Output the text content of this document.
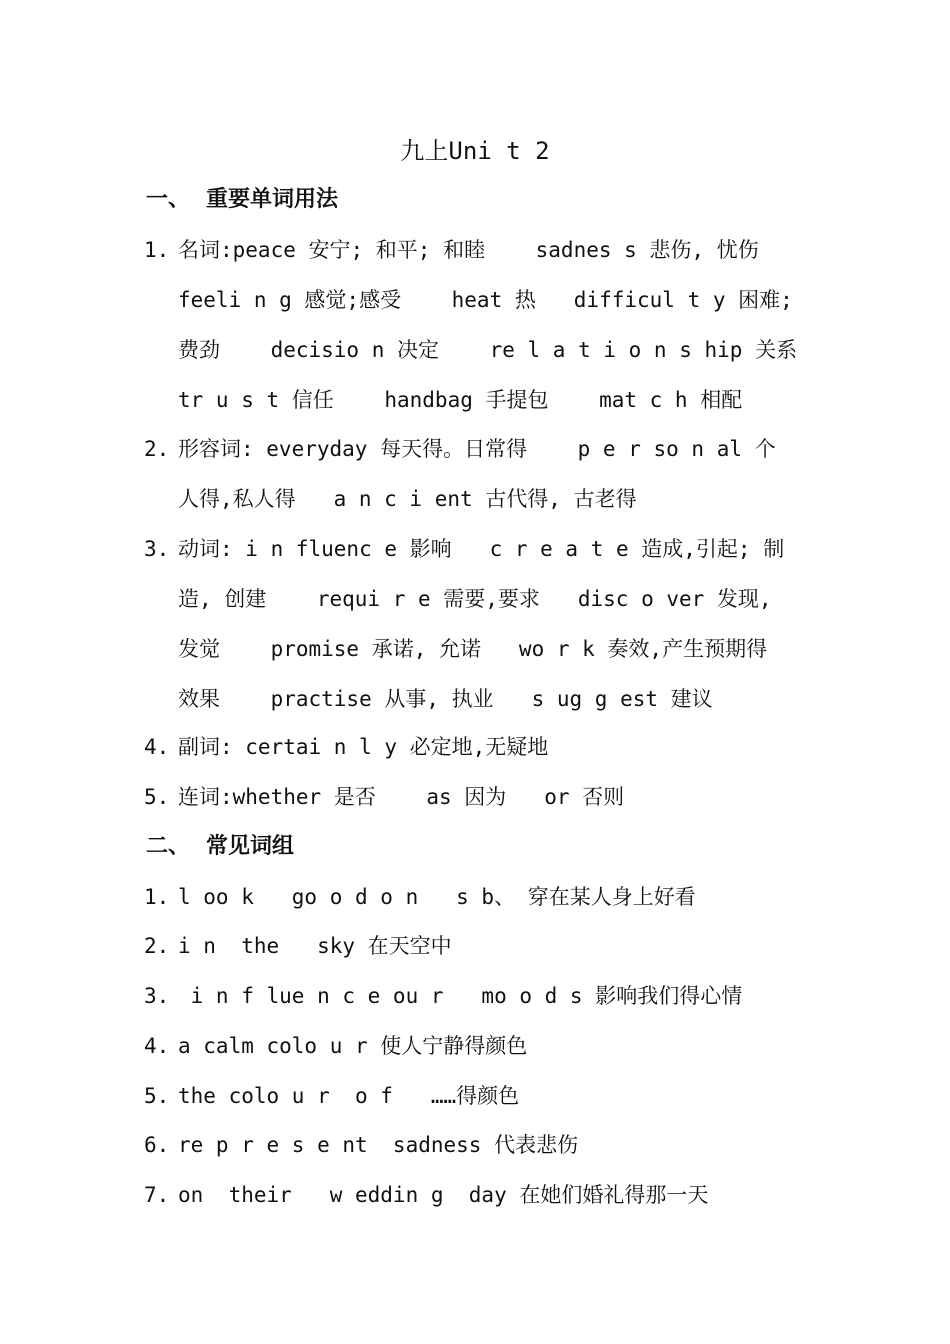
九上Uni t 2
一、 重要单词用法
1. 名词:peace 安宁; 和平; 和睦    sadnes s 悲伤, 忧伤
feeli n g 感觉;感受    heat 热   difficul t y 困难;
费劲    decisio n 决定    re l a t i o n s hip 关系
tr u s t 信任    handbag 手提包    mat c h 相配
2. 形容词: everyday 每天得。日常得    p e r so n al 个
人得,私人得   a n c i ent 古代得, 古老得
3. 动词: i n fluenc e 影响   c r e a t e 造成,引起; 制
造, 创建    requi r e 需要,要求   disc o ver 发现,
发觉    promise 承诺, 允诺   wo r k 奏效,产生预期得
效果    practise 从事, 执业   s ug g est 建议
4. 副词: certai n l y 必定地,无疑地
5. 连词:whether 是否    as 因为   or 否则
二、 常见词组
1. l oo k   go o d o n   s b、 穿在某人身上好看
2. i n  the   sky 在天空中
3. i n f lue n c e ou r   mo o d s 影响我们得心情
4. a calm colo u r 使人宁静得颜色
5. the colo u r  o f   ……得颜色
6. re p r e s e nt  sadness 代表悲伤
7. on  their   w eddin g  day 在她们婚礼得那一天
